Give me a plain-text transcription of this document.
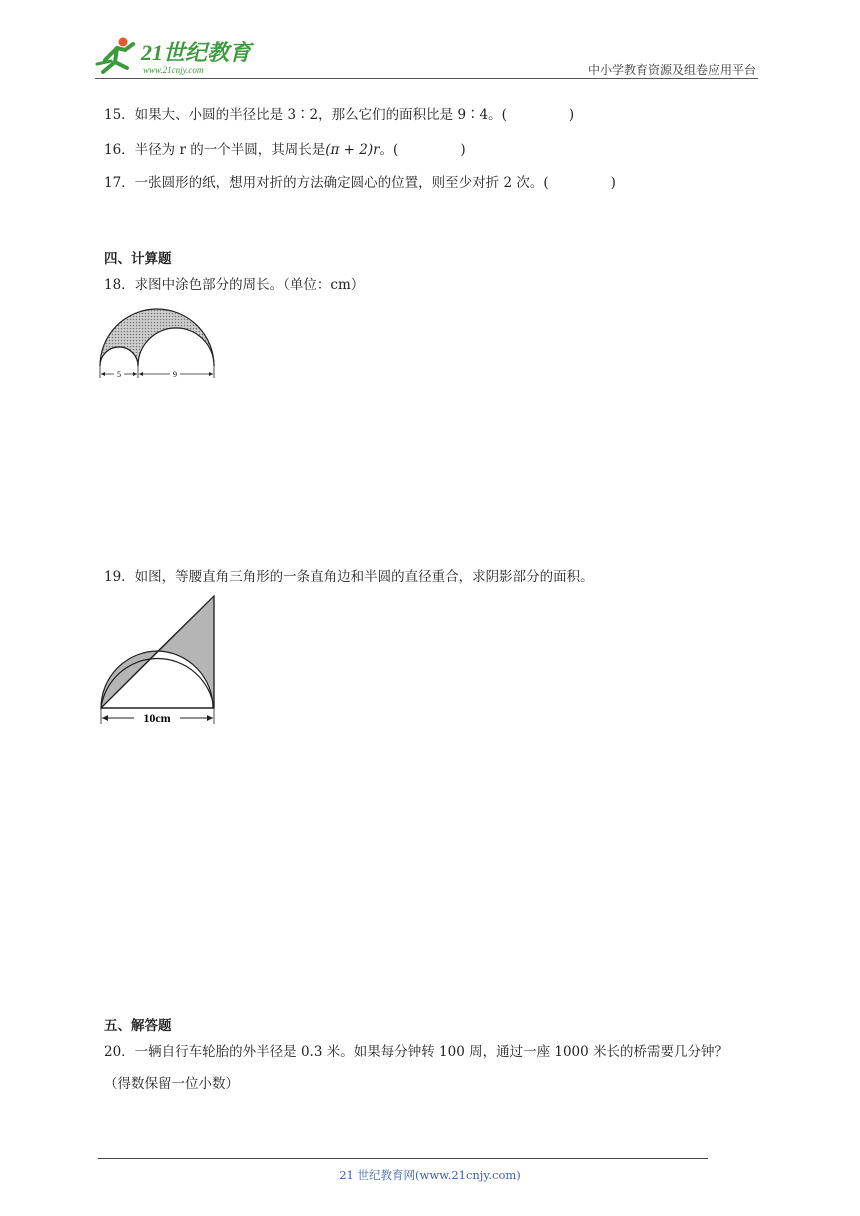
21世纪教育
www.21cnjy.com	中小学教育资源及组卷应用平台
15．如果大、小圆的半径比是 3∶2，那么它们的面积比是 9∶4。(	)
16．半径为 r 的一个半圆，其周长是(π + 2)r。(	)
17．一张圆形的纸，想用对折的方法确定圆心的位置，则至少对折 2 次。(	)
四、计算题
18．求图中涂色部分的周长。（单位：cm）
5	9
19．如图，等腰直角三角形的一条直角边和半圆的直径重合，求阴影部分的面积。
10cm
五、解答题
20．一辆自行车轮胎的外半径是 0.3 米。如果每分钟转 100 周，通过一座 1000 米长的桥需要几分钟？
（得数保留一位小数）
21 世纪教育网(www.21cnjy.com)
